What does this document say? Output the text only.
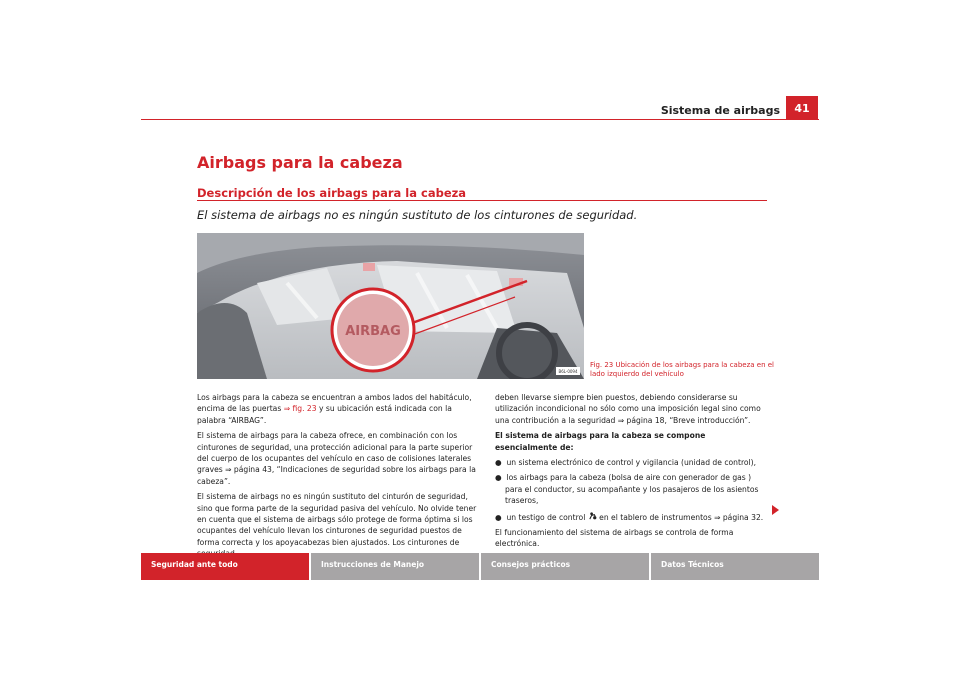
Sistema de airbags	41
Airbags para la cabeza
Descripción de los airbags para la cabeza
El sistema de airbags no es ningún sustituto de los cinturones de seguridad.
AIRBAG
B6L-0094
Fig. 23 Ubicación de los airbags para la cabeza en el
lado izquierdo del vehículo

Los airbags para la cabeza se encuentran a ambos lados del habitáculo, encima de las puertas ⇒ fig. 23 y su ubicación está indicada con la palabra “AIRBAG”.

El sistema de airbags para la cabeza ofrece, en combinación con los cinturones de seguridad, una protección adicional para la parte superior del cuerpo de los ocupantes del vehículo en caso de colisiones laterales graves ⇒ página 43, “Indicaciones de seguridad sobre los airbags para la cabeza”.

El sistema de airbags no es ningún sustituto del cinturón de seguridad, sino que forma parte de la seguridad pasiva del vehículo. No olvide tener en cuenta que el sistema de airbags sólo protege de forma óptima si los ocupantes del vehículo llevan los cinturones de seguridad puestos de forma correcta y los apoyacabezas bien ajustados. Los cinturones de

deben llevarse siempre bien puestos, debiendo considerarse su utilización incondicional no sólo como una imposición legal sino como una contribución a la seguridad ⇒ página 18, “Breve introducción”.

El sistema de airbags para la cabeza se compone esencialmente de:

●  un sistema electrónico de control y vigilancia (unidad de control),

●  los airbags para la cabeza (bolsa de aire con generador de gas ) para el conductor, su acompañante y los pasajeros de los asientos traseros,

●  un testigo de control  en el tablero de instrumentos ⇒ página 32.

El funcionamiento del sistema de airbags se controla de forma electrónica.

Seguridad ante todo	Instrucciones de Manejo	Consejos prácticos	Datos Técnicos
